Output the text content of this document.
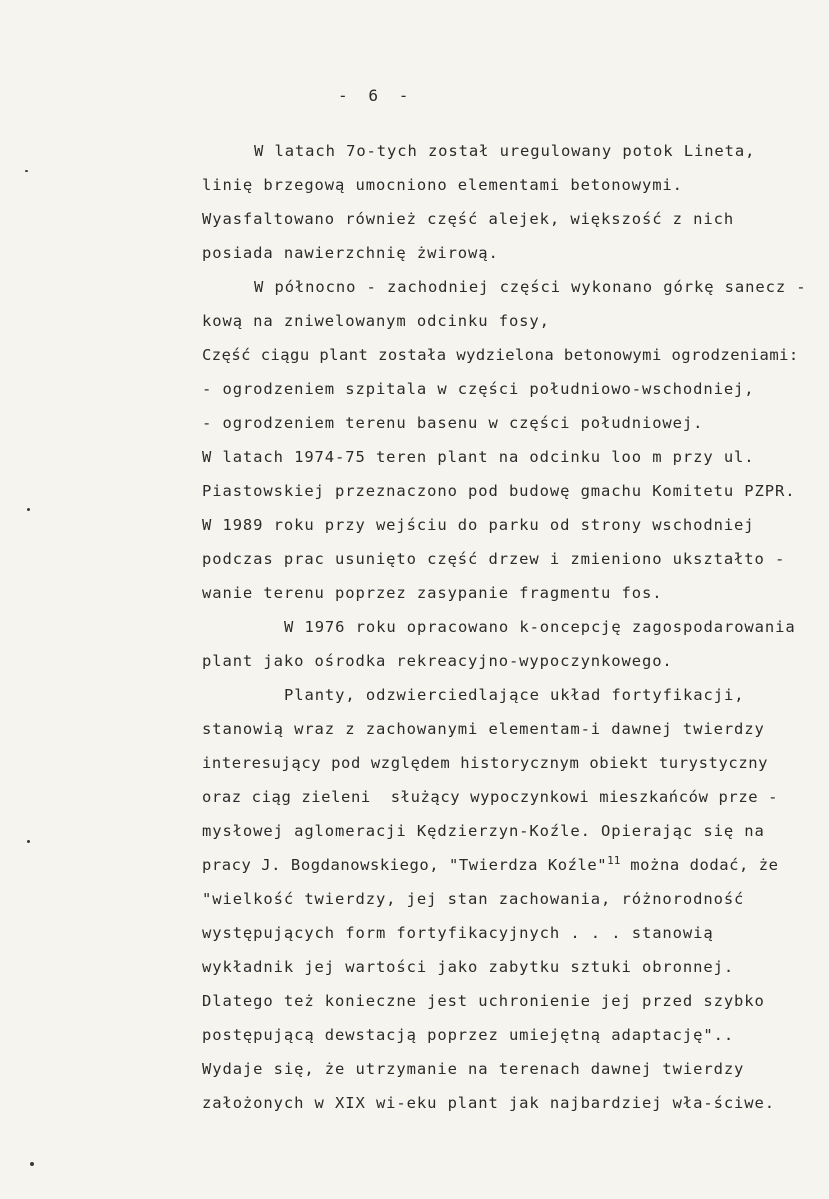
-  6  -
W latach 7o-tych został uregulowany potok Lineta,
linię brzegową umocniono elementami betonowymi.
Wyasfaltowano również część alejek, większość z nich
posiada nawierzchnię żwirową.
W północno - zachodniej części wykonano górkę sanecz -
kową na zniwelowanym odcinku fosy,
Część ciągu plant została wydzielona betonowymi ogrodzeniami:
- ogrodzeniem szpitala w części południowo-wschodniej,
- ogrodzeniem terenu basenu w części południowej.
W latach 1974-75 teren plant na odcinku loo m przy ul.
Piastowskiej przeznaczono pod budowę gmachu Komitetu PZPR.
W 1989 roku przy wejściu do parku od strony wschodniej
podczas prac usunięto część drzew i zmieniono ukształto -
wanie terenu poprzez zasypanie fragmentu fos.
W 1976 roku opracowano k-oncepcję zagospodarowania
plant jako ośrodka rekreacyjno-wypoczynkowego.
Planty, odzwierciedlające układ fortyfikacji,
stanowią wraz z zachowanymi elementam-i dawnej twierdzy
interesujący pod względem historycznym obiekt turystyczny
oraz ciąg zieleni  służący wypoczynkowi mieszkańców prze -
mysłowej aglomeracji Kędzierzyn-Koźle. Opierając się na
pracy J. Bogdanowskiego, "Twierdza Koźle"$^{11}$ można dodać, że
"wielkość twierdzy, jej stan zachowania, różnorodność
występujących form fortyfikacyjnych . . . stanowią
wykładnik jej wartości jako zabytku sztuki obronnej.
Dlatego też konieczne jest uchronienie jej przed szybko
postępującą dewstacją poprzez umiejętną adaptację"..
Wydaje się, że utrzymanie na terenach dawnej twierdzy
założonych w XIX wi-eku plant jak najbardziej wła-ściwe.
